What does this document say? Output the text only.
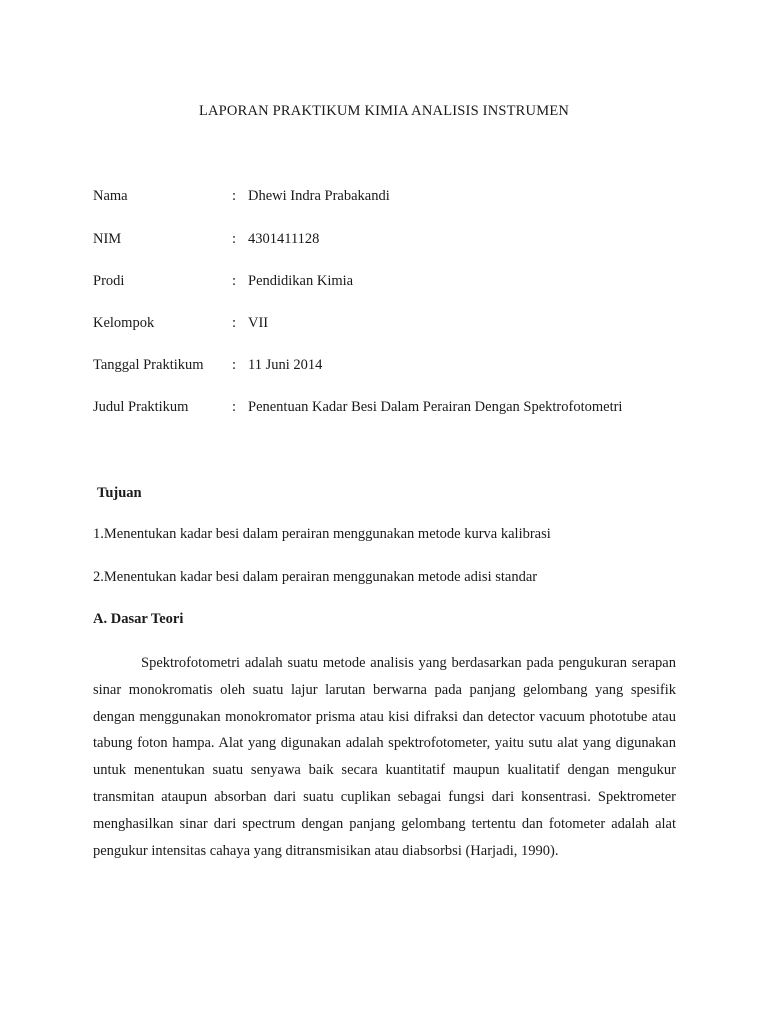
LAPORAN PRAKTIKUM KIMIA ANALISIS INSTRUMEN
Nama	: Dhewi Indra Prabakandi
NIM	: 4301411128
Prodi	: Pendidikan Kimia
Kelompok	: VII
Tanggal Praktikum : 11 Juni 2014
Judul Praktikum	: Penentuan Kadar Besi Dalam Perairan Dengan Spektrofotometri
Tujuan
1.Menentukan kadar besi dalam perairan menggunakan metode kurva kalibrasi
2.Menentukan kadar besi dalam perairan menggunakan metode adisi standar
A. Dasar Teori

Spektrofotometri adalah suatu metode analisis yang berdasarkan pada pengukuran serapan sinar monokromatis oleh suatu lajur larutan berwarna pada panjang gelombang yang spesifik dengan menggunakan monokromator prisma atau kisi difraksi dan detector vacuum phototube atau tabung foton hampa. Alat yang digunakan adalah spektrofotometer, yaitu sutu alat yang digunakan untuk menentukan suatu senyawa baik secara kuantitatif maupun kualitatif dengan mengukur transmitan ataupun absorban dari suatu cuplikan sebagai fungsi dari konsentrasi. Spektrometer menghasilkan sinar dari spectrum dengan panjang gelombang tertentu dan fotometer adalah alat pengukur intensitas cahaya yang ditransmisikan atau diabsorbsi (Harjadi, 1990).
